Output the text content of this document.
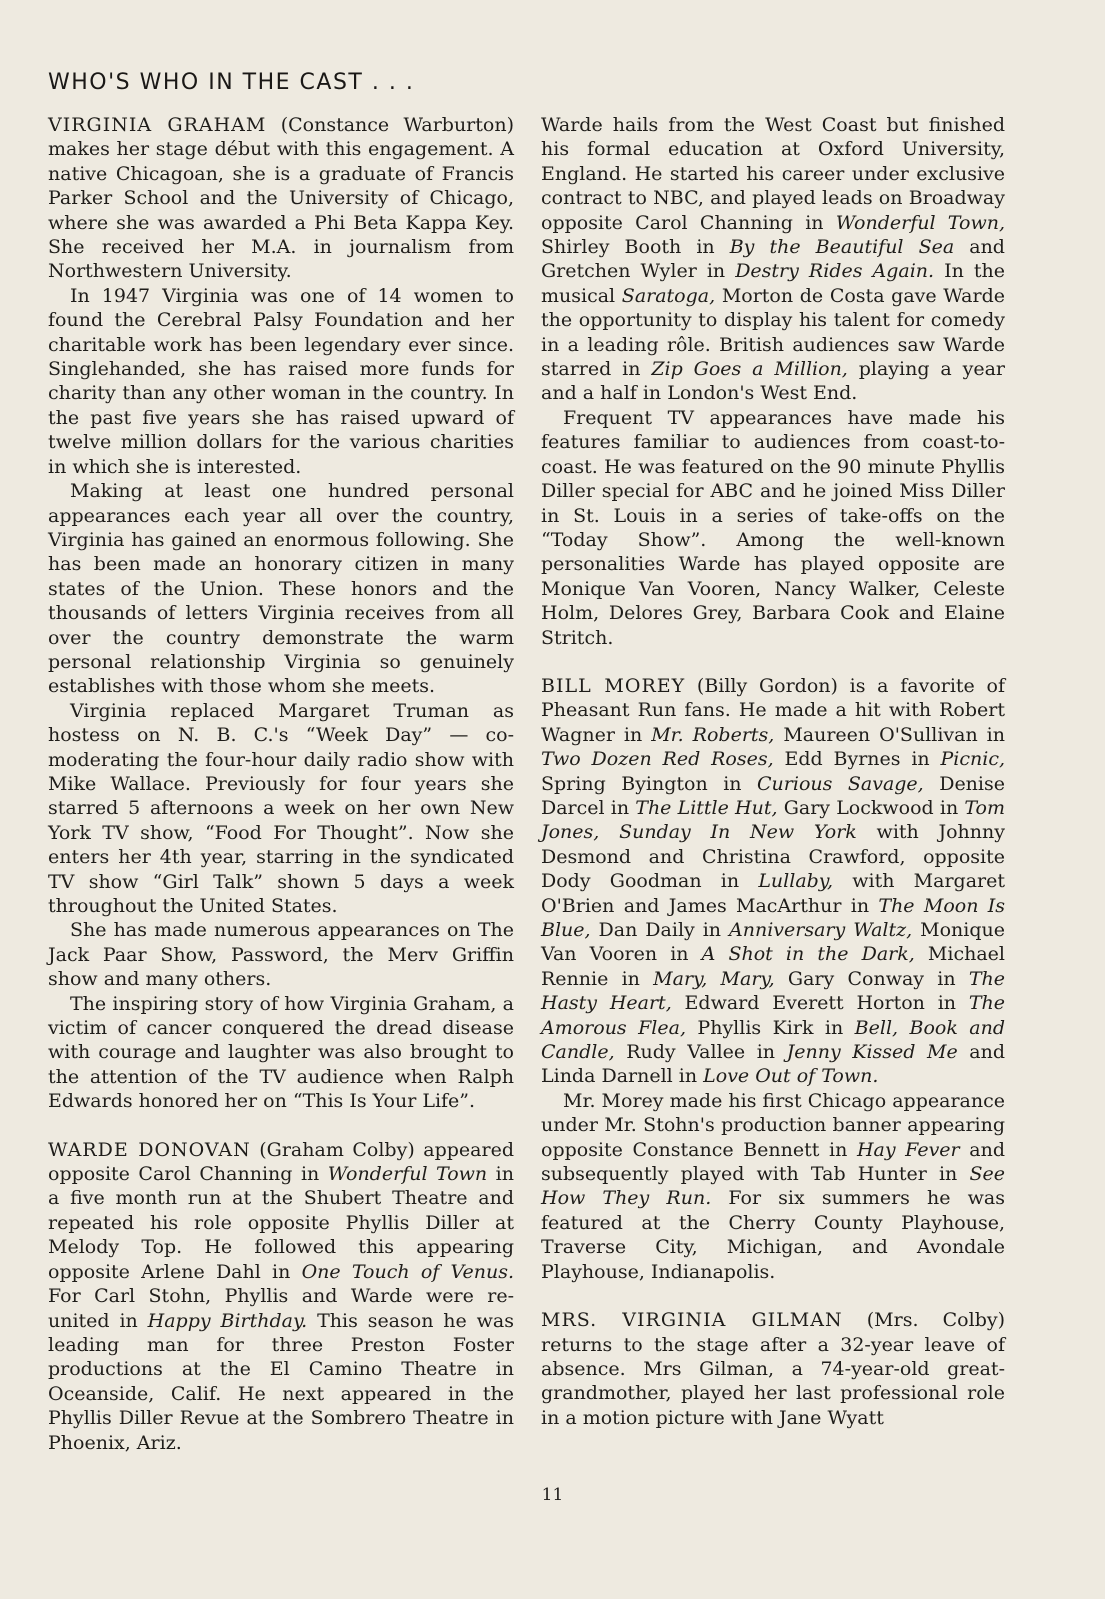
WHO'S WHO IN THE CAST . . .

VIRGINIA GRAHAM (Constance Warburton) makes her stage début with this engagement. A native Chicagoan, she is a graduate of Francis Parker School and the University of Chicago, where she was awarded a Phi Beta Kappa Key. She received her M.A. in journalism from Northwestern University.

In 1947 Virginia was one of 14 women to found the Cerebral Palsy Foundation and her charitable work has been legendary ever since. Singlehanded, she has raised more funds for charity than any other woman in the country. In the past five years she has raised upward of twelve million dollars for the various charities in which she is interested.

Making at least one hundred personal appearances each year all over the country, Virginia has gained an enormous following. She has been made an honorary citizen in many states of the Union. These honors and the thousands of letters Virginia receives from all over the country demonstrate the warm personal relationship Virginia so genuinely establishes with those whom she meets.

Virginia replaced Margaret Truman as hostess on N. B. C.'s “Week Day” — co-moderating the four-hour daily radio show with Mike Wallace. Previously for four years she starred 5 afternoons a week on her own New York TV show, “Food For Thought”. Now she enters her 4th year, starring in the syndicated TV show “Girl Talk” shown 5 days a week throughout the United States.

She has made numerous appearances on The Jack Paar Show, Password, the Merv Griffin show and many others.

The inspiring story of how Virginia Graham, a victim of cancer conquered the dread disease with courage and laughter was also brought to the attention of the TV audience when Ralph Edwards honored her on “This Is Your Life”.

WARDE DONOVAN (Graham Colby) appeared opposite Carol Channing in Wonderful Town in a five month run at the Shubert Theatre and repeated his role opposite Phyllis Diller at Melody Top. He followed this appearing opposite Arlene Dahl in One Touch of Venus. For Carl Stohn, Phyllis and Warde were re-united in Happy Birthday. This season he was leading man for three Preston Foster productions at the El Camino Theatre in Oceanside, Calif. He next appeared in the Phyllis Diller Revue at the Sombrero Theatre in Phoenix, Ariz.

Warde hails from the West Coast but finished his formal education at Oxford University, England. He started his career under exclusive contract to NBC, and played leads on Broadway opposite Carol Channing in Wonderful Town, Shirley Booth in By the Beautiful Sea and Gretchen Wyler in Destry Rides Again. In the musical Saratoga, Morton de Costa gave Warde the opportunity to display his talent for comedy in a leading rôle. British audiences saw Warde starred in Zip Goes a Million, playing a year and a half in London's West End.

Frequent TV appearances have made his features familiar to audiences from coast-to-coast. He was featured on the 90 minute Phyllis Diller special for ABC and he joined Miss Diller in St. Louis in a series of take-offs on the “Today Show”. Among the well-known personalities Warde has played opposite are Monique Van Vooren, Nancy Walker, Celeste Holm, Delores Grey, Barbara Cook and Elaine Stritch.

BILL MOREY (Billy Gordon) is a favorite of Pheasant Run fans. He made a hit with Robert Wagner in Mr. Roberts, Maureen O'Sullivan in Two Dozen Red Roses, Edd Byrnes in Picnic, Spring Byington in Curious Savage, Denise Darcel in The Little Hut, Gary Lockwood in Tom Jones, Sunday In New York with Johnny Desmond and Christina Crawford, opposite Dody Goodman in Lullaby, with Margaret O'Brien and James MacArthur in The Moon Is Blue, Dan Daily in Anniversary Waltz, Monique Van Vooren in A Shot in the Dark, Michael Rennie in Mary, Mary, Gary Conway in The Hasty Heart, Edward Everett Horton in The Amorous Flea, Phyllis Kirk in Bell, Book and Candle, Rudy Vallee in Jenny Kissed Me and Linda Darnell in Love Out of Town.

Mr. Morey made his first Chicago appearance under Mr. Stohn's production banner appearing opposite Constance Bennett in Hay Fever and subsequently played with Tab Hunter in See How They Run. For six summers he was featured at the Cherry County Playhouse, Traverse City, Michigan, and Avondale Playhouse, Indianapolis.

MRS. VIRGINIA GILMAN (Mrs. Colby) returns to the stage after a 32-year leave of absence. Mrs Gilman, a 74-year-old great-grandmother, played her last professional role in a motion picture with Jane Wyatt

11
